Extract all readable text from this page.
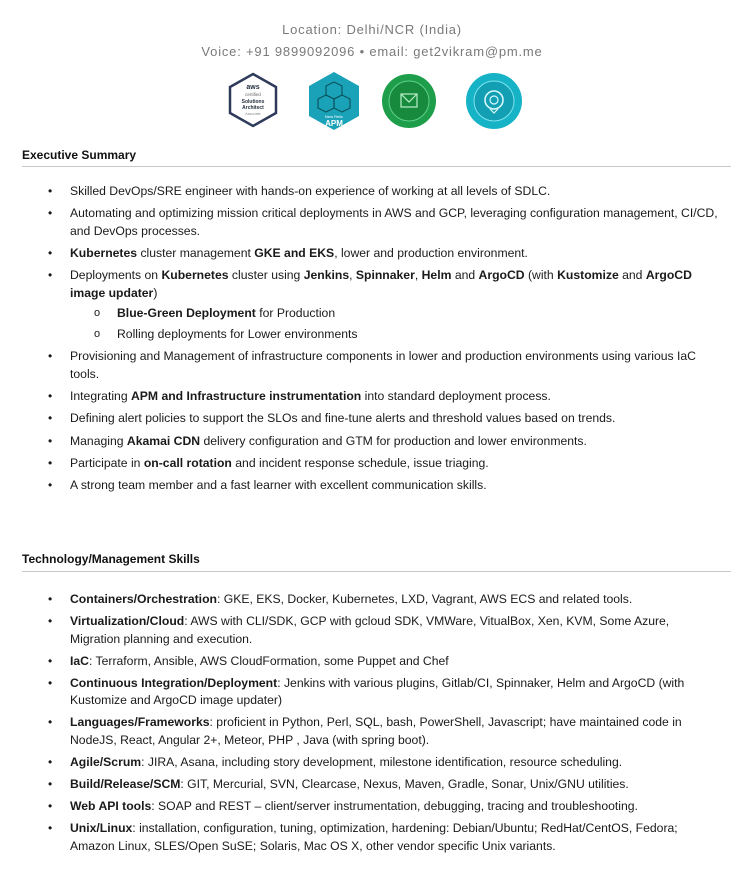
Location: Delhi/NCR (India)
Voice: +91 9899092096 • email: get2vikram@pm.me
aws
certified
Solutions
Architect
Associate	New Relic
APM
Executive Summary
• Skilled DevOps/SRE engineer with hands-on experience of working at all levels of SDLC.
• Automating and optimizing mission critical deployments in AWS and GCP, leveraging configuration management, CI/CD, and DevOps processes.
• Kubernetes cluster management GKE and EKS, lower and production environment.
• Deployments on Kubernetes cluster using Jenkins, Spinnaker, Helm and ArgoCD (with Kustomize and ArgoCD image updater)
o Blue-Green Deployment for Production
o Rolling deployments for Lower environments
• Provisioning and Management of infrastructure components in lower and production environments using various IaC tools.
• Integrating APM and Infrastructure instrumentation into standard deployment process.
• Defining alert policies to support the SLOs and fine-tune alerts and threshold values based on trends.
• Managing Akamai CDN delivery configuration and GTM for production and lower environments.
• Participate in on-call rotation and incident response schedule, issue triaging.
• A strong team member and a fast learner with excellent communication skills.
Technology/Management Skills
• Containers/Orchestration: GKE, EKS, Docker, Kubernetes, LXD, Vagrant, AWS ECS and related tools.
• Virtualization/Cloud: AWS with CLI/SDK, GCP with gcloud SDK, VMWare, VitualBox, Xen, KVM, Some Azure, Migration planning and execution.
• IaC: Terraform, Ansible, AWS CloudFormation, some Puppet and Chef
• Continuous Integration/Deployment: Jenkins with various plugins, Gitlab/CI, Spinnaker, Helm and ArgoCD (with Kustomize and ArgoCD image updater)
• Languages/Frameworks: proficient in Python, Perl, SQL, bash, PowerShell, Javascript; have maintained code in NodeJS, React, Angular 2+, Meteor, PHP , Java (with spring boot).
• Agile/Scrum: JIRA, Asana, including story development, milestone identification, resource scheduling.
• Build/Release/SCM: GIT, Mercurial, SVN, Clearcase, Nexus, Maven, Gradle, Sonar, Unix/GNU utilities.
• Web API tools: SOAP and REST – client/server instrumentation, debugging, tracing and troubleshooting.
• Unix/Linux: installation, configuration, tuning, optimization, hardening: Debian/Ubuntu; RedHat/CentOS, Fedora; Amazon Linux, SLES/Open SuSE; Solaris, Mac OS X, other vendor specific Unix variants.
